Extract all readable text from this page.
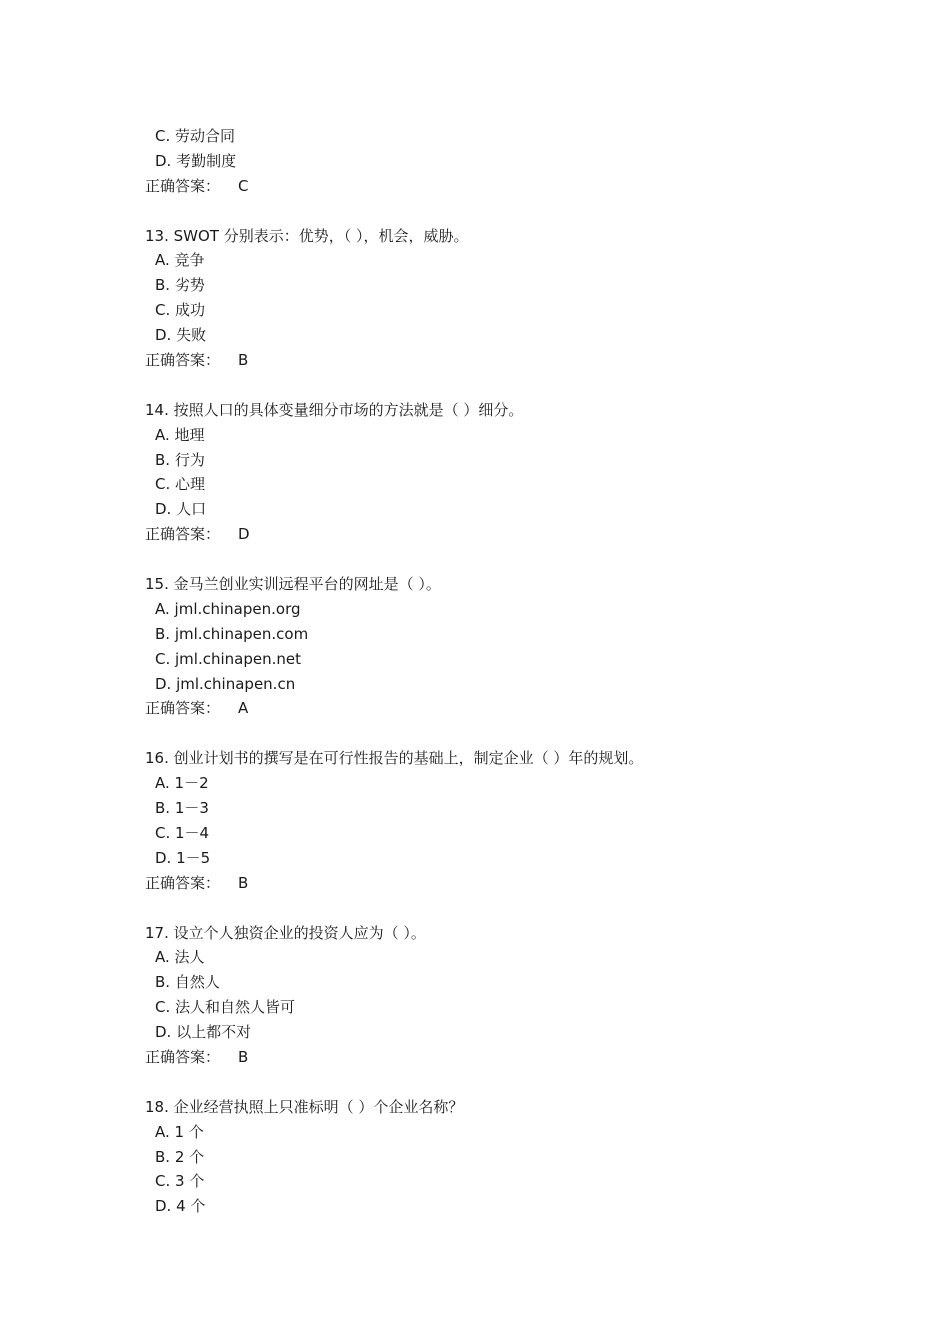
C. 劳动合同
D. 考勤制度
正确答案： C
13. SWOT 分别表示：优势，（ ），机会，威胁。
A. 竞争
B. 劣势
C. 成功
D. 失败
正确答案： B
14. 按照人口的具体变量细分市场的方法就是（ ）细分。
A. 地理
B. 行为
C. 心理
D. 人口
正确答案： D
15. 金马兰创业实训远程平台的网址是（ ）。
A. jml.chinapen.org
B. jml.chinapen.com
C. jml.chinapen.net
D. jml.chinapen.cn
正确答案： A
16. 创业计划书的撰写是在可行性报告的基础上，制定企业（ ）年的规划。
A. 1－2
B. 1－3
C. 1－4
D. 1－5
正确答案： B
17. 设立个人独资企业的投资人应为（ ）。
A. 法人
B. 自然人
C. 法人和自然人皆可
D. 以上都不对
正确答案： B
18. 企业经营执照上只准标明（ ）个企业名称？
A. 1 个
B. 2 个
C. 3 个
D. 4 个
